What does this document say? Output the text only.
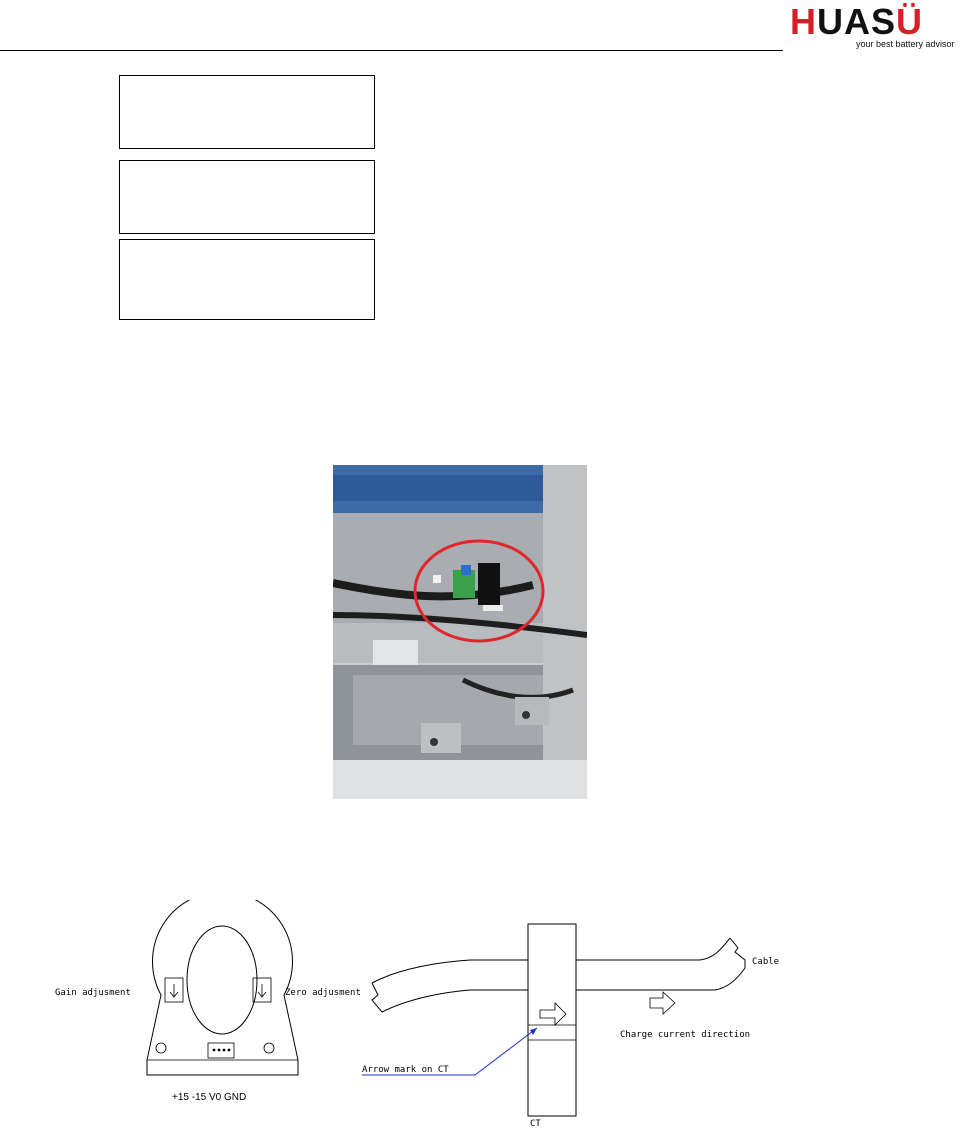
HUASÜ
your best battery advisor
Gain adjusment	Zero adjusment
+15 -15 V0 GND
Cable
Charge current direction
Arrow mark on CT
CT
